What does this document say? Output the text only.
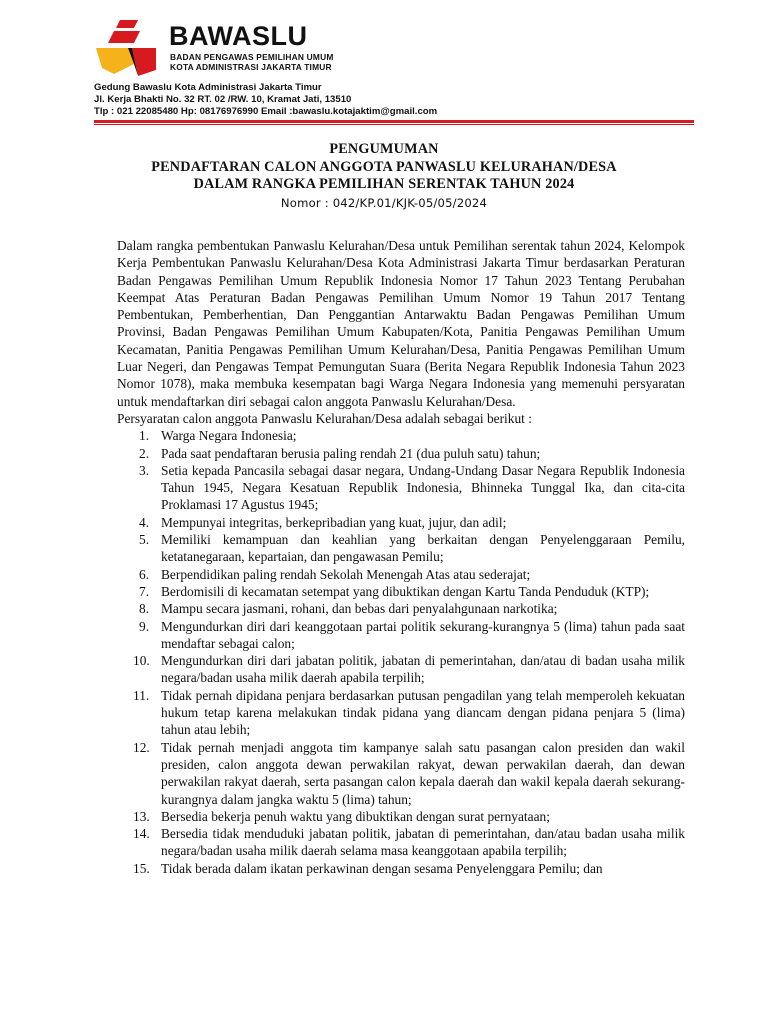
BAWASLU
BADAN PENGAWAS PEMILIHAN UMUM
KOTA ADMINISTRASI JAKARTA TIMUR
Gedung Bawaslu Kota Administrasi Jakarta Timur
Jl. Kerja Bhakti No. 32 RT. 02 /RW. 10, Kramat Jati, 13510
Tlp : 021 22085480 Hp: 08176976990 Email :bawaslu.kotajaktim@gmail.com
PENGUMUMAN
PENDAFTARAN CALON ANGGOTA PANWASLU KELURAHAN/DESA
DALAM RANGKA PEMILIHAN SERENTAK TAHUN 2024
Nomor : 042/KP.01/KJK-05/05/2024

Dalam rangka pembentukan Panwaslu Kelurahan/Desa untuk Pemilihan serentak tahun 2024, Kelompok Kerja Pembentukan Panwaslu Kelurahan/Desa Kota Administrasi Jakarta Timur berdasarkan Peraturan Badan Pengawas Pemilihan Umum Republik Indonesia Nomor 17 Tahun 2023 Tentang Perubahan Keempat Atas Peraturan Badan Pengawas Pemilihan Umum Nomor 19 Tahun 2017 Tentang Pembentukan, Pemberhentian, Dan Penggantian Antarwaktu Badan Pengawas Pemilihan Umum Provinsi, Badan Pengawas Pemilihan Umum Kabupaten/Kota, Panitia Pengawas Pemilihan Umum Kecamatan, Panitia Pengawas Pemilihan Umum Kelurahan/Desa, Panitia Pengawas Pemilihan Umum Luar Negeri, dan Pengawas Tempat Pemungutan Suara (Berita Negara Republik Indonesia Tahun 2023 Nomor 1078), maka membuka kesempatan bagi Warga Negara Indonesia yang memenuhi persyaratan untuk mendaftarkan diri sebagai calon anggota Panwaslu Kelurahan/Desa.

Persyaratan calon anggota Panwaslu Kelurahan/Desa adalah sebagai berikut :

1. Warga Negara Indonesia;
2. Pada saat pendaftaran berusia paling rendah 21 (dua puluh satu) tahun;
3. Setia kepada Pancasila sebagai dasar negara, Undang-Undang Dasar Negara Republik Indonesia Tahun 1945, Negara Kesatuan Republik Indonesia, Bhinneka Tunggal Ika, dan cita-cita Proklamasi 17 Agustus 1945;
4. Mempunyai integritas, berkepribadian yang kuat, jujur, dan adil;
5. Memiliki kemampuan dan keahlian yang berkaitan dengan Penyelenggaraan Pemilu, ketatanegaraan, kepartaian, dan pengawasan Pemilu;
6. Berpendidikan paling rendah Sekolah Menengah Atas atau sederajat;
7. Berdomisili di kecamatan setempat yang dibuktikan dengan Kartu Tanda Penduduk (KTP);
8. Mampu secara jasmani, rohani, dan bebas dari penyalahgunaan narkotika;
9. Mengundurkan diri dari keanggotaan partai politik sekurang-kurangnya 5 (lima) tahun pada saat mendaftar sebagai calon;
10. Mengundurkan diri dari jabatan politik, jabatan di pemerintahan, dan/atau di badan usaha milik negara/badan usaha milik daerah apabila terpilih;
11. Tidak pernah dipidana penjara berdasarkan putusan pengadilan yang telah memperoleh kekuatan hukum tetap karena melakukan tindak pidana yang diancam dengan pidana penjara 5 (lima) tahun atau lebih;
12. Tidak pernah menjadi anggota tim kampanye salah satu pasangan calon presiden dan wakil presiden, calon anggota dewan perwakilan rakyat, dewan perwakilan daerah, dan dewan perwakilan rakyat daerah, serta pasangan calon kepala daerah dan wakil kepala daerah sekurang-kurangnya dalam jangka waktu 5 (lima) tahun;
13. Bersedia bekerja penuh waktu yang dibuktikan dengan surat pernyataan;
14. Bersedia tidak menduduki jabatan politik, jabatan di pemerintahan, dan/atau badan usaha milik negara/badan usaha milik daerah selama masa keanggotaan apabila terpilih;
15. Tidak berada dalam ikatan perkawinan dengan sesama Penyelenggara Pemilu; dan
